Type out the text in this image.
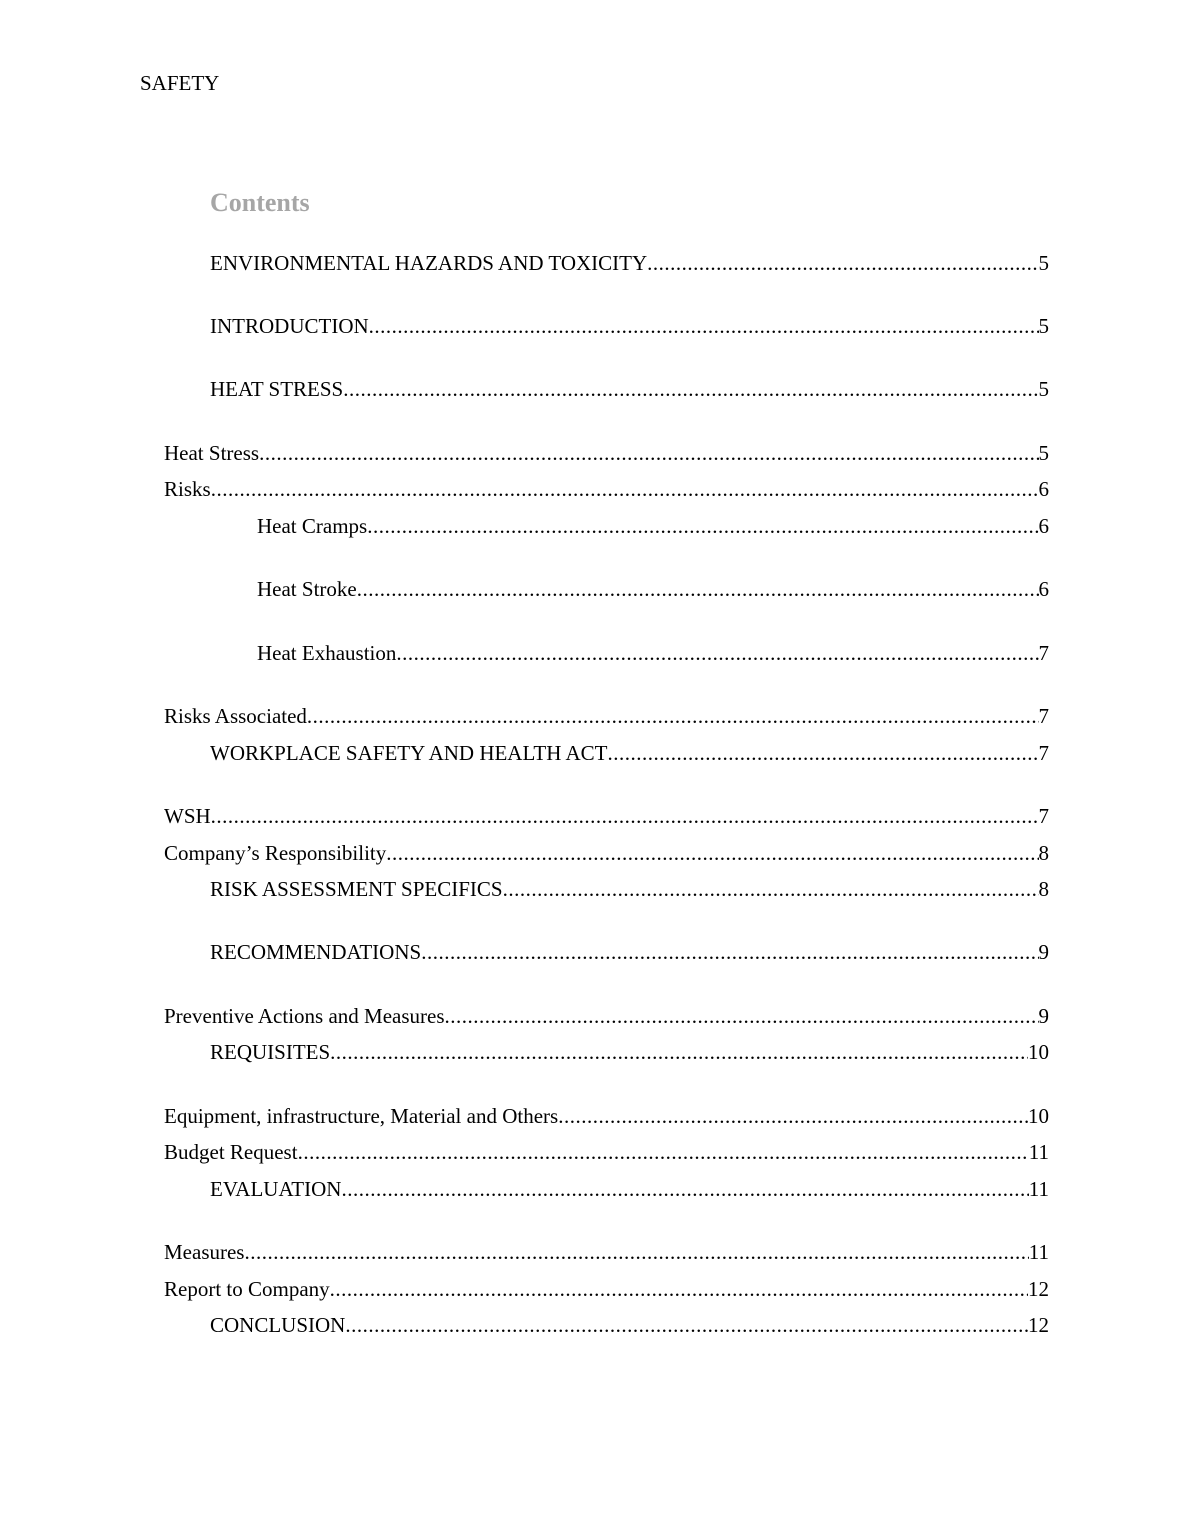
SAFETY
Contents
ENVIRONMENTAL HAZARDS AND TOXICITY .....	5
INTRODUCTION .....	5
HEAT STRESS .....	5
Heat Stress .....	5
Risks .....	6
Heat Cramps .....	6
Heat Stroke .....	6
Heat Exhaustion .....	7
Risks Associated .....	7
WORKPLACE SAFETY AND HEALTH ACT .....	7
WSH .....	7
Company’s Responsibility .....	8
RISK ASSESSMENT SPECIFICS .....	8
RECOMMENDATIONS .....	9
Preventive Actions and Measures .....	9
REQUISITES .....	10
Equipment, infrastructure, Material and Others .....	10
Budget Request .....	11
EVALUATION .....	11
Measures .....	11
Report to Company .....	12
CONCLUSION .....	12
